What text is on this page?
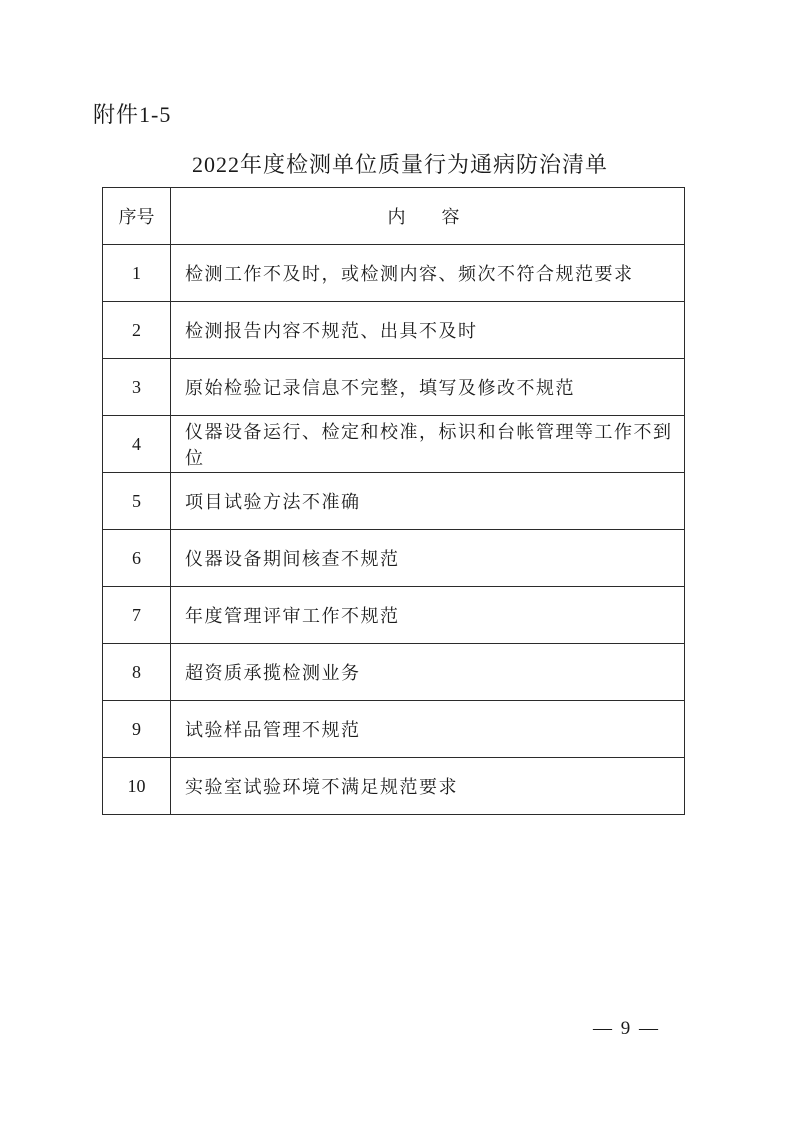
附件1-5
2022年度检测单位质量行为通病防治清单
序号	内　　容
1	检测工作不及时，或检测内容、频次不符合规范要求
2	检测报告内容不规范、出具不及时
3	原始检验记录信息不完整，填写及修改不规范
4	仪器设备运行、检定和校准，标识和台帐管理等工作不到位
5	项目试验方法不准确
6	仪器设备期间核查不规范
7	年度管理评审工作不规范
8	超资质承揽检测业务
9	试验样品管理不规范
10	实验室试验环境不满足规范要求
— 9 —
